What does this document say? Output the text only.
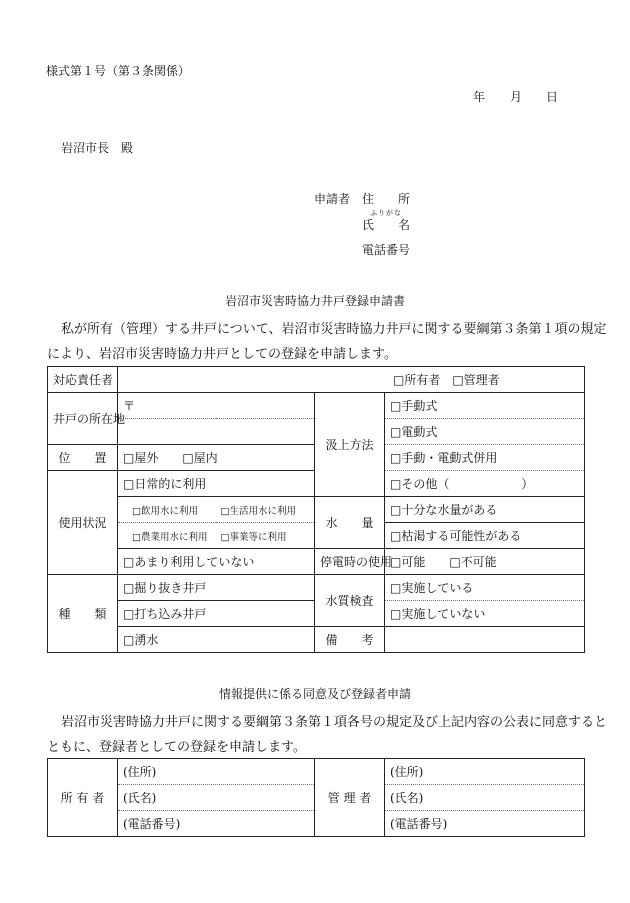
様式第１号（第３条関係）
年 月 日
岩沼市長　殿
申請者 住　　所
ふりがな
氏　　名
電話番号
岩沼市災害時協力井戸登録申請書
私が所有（管理）する井戸について、岩沼市災害時協力井戸に関する要綱第３条第１項の規定
により、岩沼市災害時協力井戸としての登録を申請します。
対応責任者	□所有者　□管理者			
井戸の所在地	〒		汲上方法	□手動式
				□電動式
位　　置	□屋外　　□屋内			□手動・電動式併用
使用状況	□日常的に利用			□その他（　　　　　　）
	□飲用水に利用	□生活用水に利用	水　　量	□十分な水量がある
	□農業用水に利用	□事業等に利用		□枯渇する可能性がある
	□あまり利用していない		停電時の使用	□可能　　□不可能
種　　類	□掘り抜き井戸		水質検査	□実施している
	□打ち込み井戸			□実施していない
	□湧水		備　　考	
情報提供に係る同意及び登録者申請
岩沼市災害時協力井戸に関する要綱第３条第１項各号の規定及び上記内容の公表に同意すると
ともに、登録者としての登録を申請します。
所 有 者	(住所)	管 理 者	(住所)
	(氏名)		(氏名)
	(電話番号)		(電話番号)
